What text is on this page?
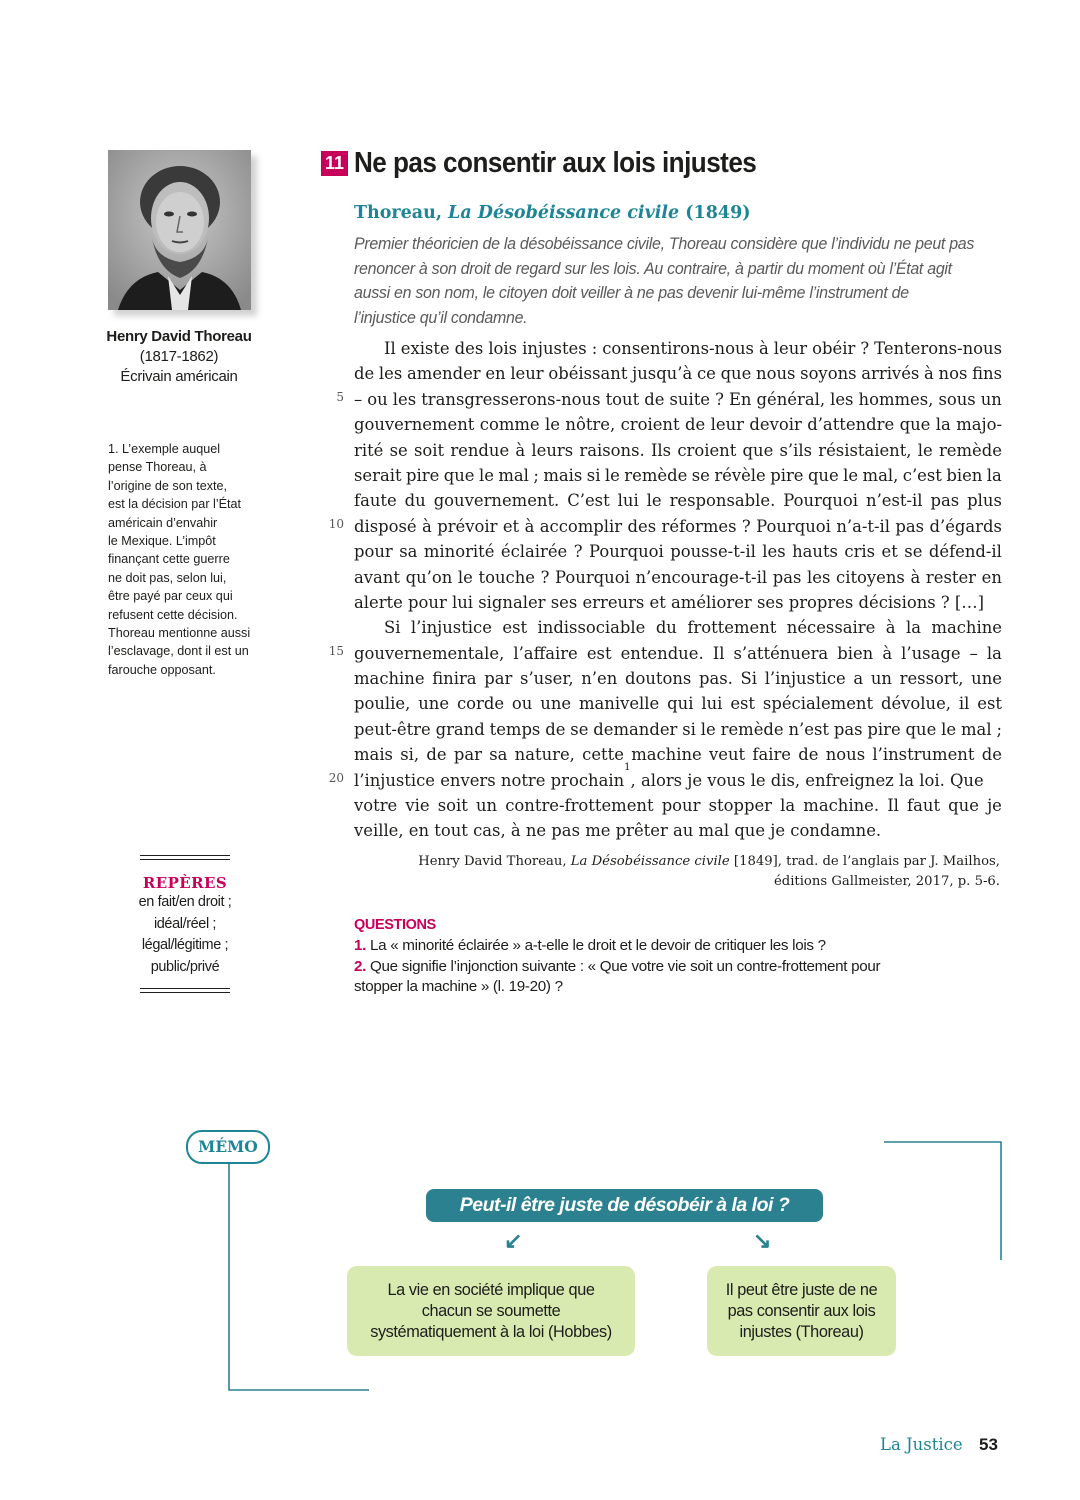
Henry David Thoreau
(1817-1862)
Écrivain américain
1. L’exemple auquel
pense Thoreau, à
l’origine de son texte,
est la décision par l’État
américain d’envahir
le Mexique. L’impôt
finançant cette guerre
ne doit pas, selon lui,
être payé par ceux qui
refusent cette décision.
Thoreau mentionne aussi
l’esclavage, dont il est un
farouche opposant.
REPÈRES
en fait/en droit ;
idéal/réel ;
légal/légitime ;
public/privé
11 Ne pas consentir aux lois injustes
Thoreau, La Désobéissance civile (1849)
Premier théoricien de la désobéissance civile, Thoreau considère que l’individu ne peut pas
renoncer à son droit de regard sur les lois. Au contraire, à partir du moment où l’État agit
aussi en son nom, le citoyen doit veiller à ne pas devenir lui-même l’instrument de
l’injustice qu’il condamne.
Il existe des lois injustes : consentirons-nous à leur obéir ? Tenterons-nous
de les amender en leur obéissant jusqu’à ce que nous soyons arrivés à nos fins
– ou les transgresserons-nous tout de suite ? En général, les hommes, sous un
gouvernement comme le nôtre, croient de leur devoir d’attendre que la majo-
rité se soit rendue à leurs raisons. Ils croient que s’ils résistaient, le remède
serait pire que le mal ; mais si le remède se révèle pire que le mal, c’est bien la
faute du gouvernement. C’est lui le responsable. Pourquoi n’est-il pas plus
disposé à prévoir et à accomplir des réformes ? Pourquoi n’a-t-il pas d’égards
pour sa minorité éclairée ? Pourquoi pousse-t-il les hauts cris et se défend-il
avant qu’on le touche ? Pourquoi n’encourage-t-il pas les citoyens à rester en
alerte pour lui signaler ses erreurs et améliorer ses propres décisions ? […]
Si l’injustice est indissociable du frottement nécessaire à la machine
gouvernementale, l’affaire est entendue. Il s’atténuera bien à l’usage – la
machine finira par s’user, n’en doutons pas. Si l’injustice a un ressort, une
poulie, une corde ou une manivelle qui lui est spécialement dévolue, il est
peut-être grand temps de se demander si le remède n’est pas pire que le mal ;
mais si, de par sa nature, cette machine veut faire de nous l’instrument de
l’injustice envers notre prochain
1
, alors je vous le dis, enfreignez la loi. Que
votre vie soit un contre-frottement pour stopper la machine. Il faut que je
veille, en tout cas, à ne pas me prêter au mal que je condamne.
5
10
15
20
Henry David Thoreau, La Désobéissance civile [1849], trad. de l’anglais par J. Mailhos,
éditions Gallmeister, 2017, p. 5-6.
QUESTIONS
1. La « minorité éclairée » a-t-elle le droit et le devoir de critiquer les lois ?
2. Que signifie l’injonction suivante : « Que votre vie soit un contre-frottement pour
stopper la machine » (l. 19-20) ?
MÉMO
Peut-il être juste de désobéir à la loi ?
↙	↘
La vie en société implique que
chacun se soumette
systématiquement à la loi (Hobbes)
Il peut être juste de ne
pas consentir aux lois
injustes (Thoreau)
La Justice 53
